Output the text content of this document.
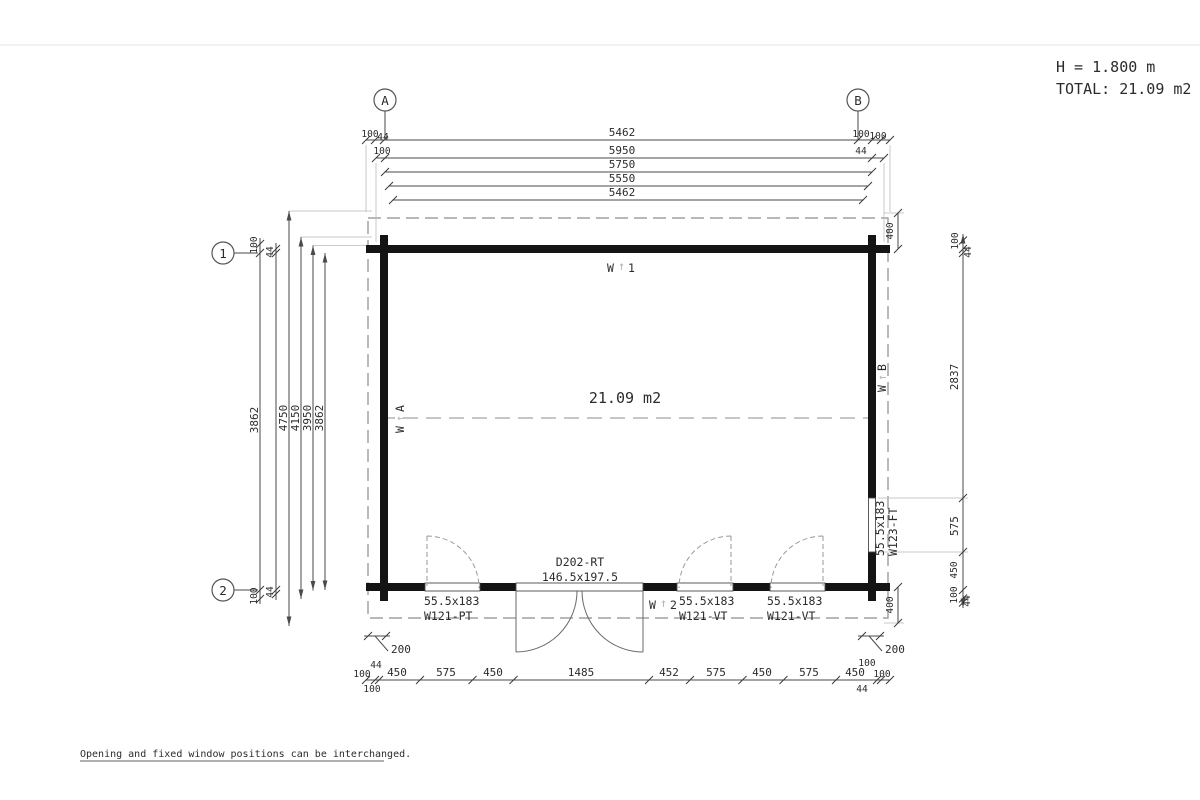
H = 1.800 m
TOTAL: 21.09 m2
A	B
1
2
100
44	5462	100 100
100	5950	44
5750
5550
5462
100
3862
100
44
44
4750 4150 3950 3862
400
400
100
44
2837
575
450
100 44
200	200
44
100
100
450	575 450	1485	452 575 450 575 450
100
100
44
21.09 m2
W ↑ 1
W ↑ 2
W
↑
A
W
↑
B
D202-RT
146.5x197.5
55.5x183
W121-PT
55.5x183
W121-VT
55.5x183
W121-VT
55.5x183 W123-FT
Opening and fixed window positions can be interchanged.
